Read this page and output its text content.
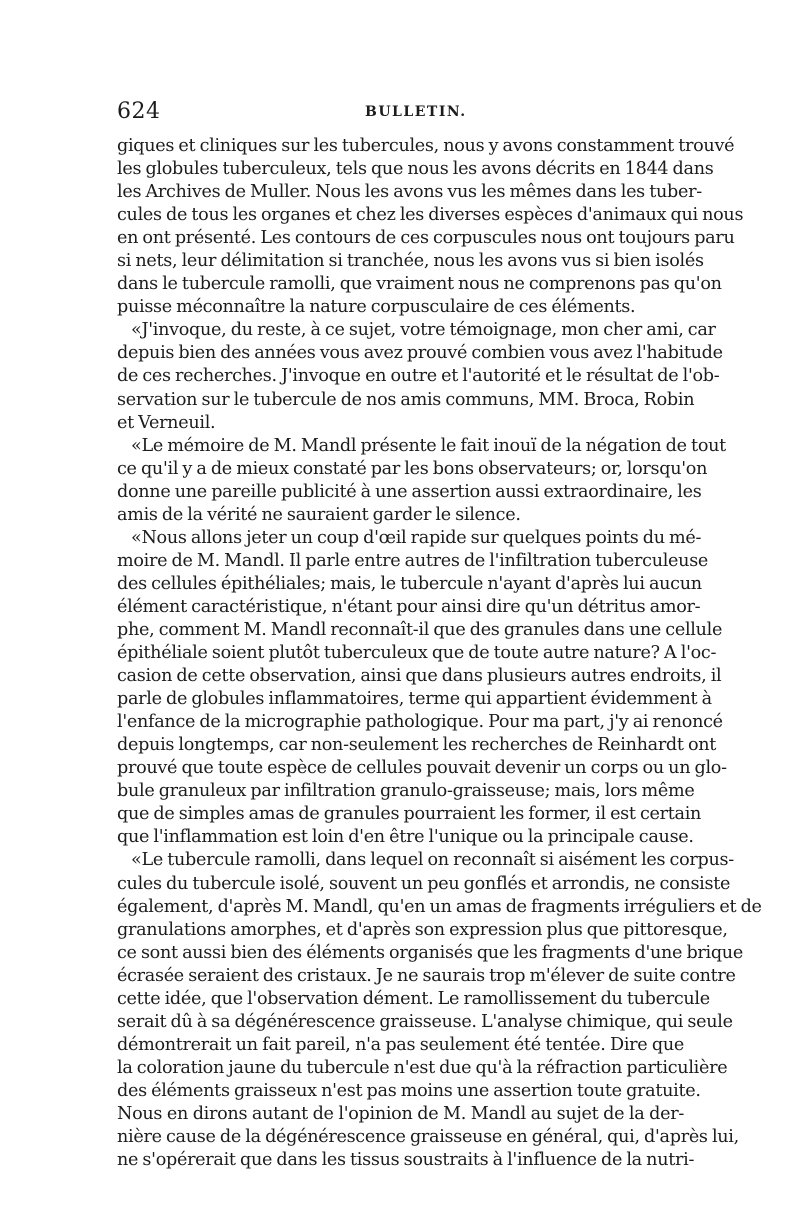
624	BULLETIN.
giques et cliniques sur les tubercules, nous y avons constamment trouvé
les globules tuberculeux, tels que nous les avons décrits en 1844 dans
les Archives de Muller. Nous les avons vus les mêmes dans les tuber-
cules de tous les organes et chez les diverses espèces d'animaux qui nous
en ont présenté. Les contours de ces corpuscules nous ont toujours paru
si nets, leur délimitation si tranchée, nous les avons vus si bien isolés
dans le tubercule ramolli, que vraiment nous ne comprenons pas qu'on
puisse méconnaître la nature corpusculaire de ces éléments.
«J'invoque, du reste, à ce sujet, votre témoignage, mon cher ami, car
depuis bien des années vous avez prouvé combien vous avez l'habitude
de ces recherches. J'invoque en outre et l'autorité et le résultat de l'ob-
servation sur le tubercule de nos amis communs, MM. Broca, Robin
et Verneuil.
«Le mémoire de M. Mandl présente le fait inouï de la négation de tout
ce qu'il y a de mieux constaté par les bons observateurs; or, lorsqu'on
donne une pareille publicité à une assertion aussi extraordinaire, les
amis de la vérité ne sauraient garder le silence.
«Nous allons jeter un coup d'œil rapide sur quelques points du mé-
moire de M. Mandl. Il parle entre autres de l'infiltration tuberculeuse
des cellules épithéliales; mais, le tubercule n'ayant d'après lui aucun
élément caractéristique, n'étant pour ainsi dire qu'un détritus amor-
phe, comment M. Mandl reconnaît-il que des granules dans une cellule
épithéliale soient plutôt tuberculeux que de toute autre nature? A l'oc-
casion de cette observation, ainsi que dans plusieurs autres endroits, il
parle de globules inflammatoires, terme qui appartient évidemment à
l'enfance de la micrographie pathologique. Pour ma part, j'y ai renoncé
depuis longtemps, car non-seulement les recherches de Reinhardt ont
prouvé que toute espèce de cellules pouvait devenir un corps ou un glo-
bule granuleux par infiltration granulo-graisseuse; mais, lors même
que de simples amas de granules pourraient les former, il est certain
que l'inflammation est loin d'en être l'unique ou la principale cause.
«Le tubercule ramolli, dans lequel on reconnaît si aisément les corpus-
cules du tubercule isolé, souvent un peu gonflés et arrondis, ne consiste
également, d'après M. Mandl, qu'en un amas de fragments irréguliers et de
granulations amorphes, et d'après son expression plus que pittoresque,
ce sont aussi bien des éléments organisés que les fragments d'une brique
écrasée seraient des cristaux. Je ne saurais trop m'élever de suite contre
cette idée, que l'observation dément. Le ramollissement du tubercule
serait dû à sa dégénérescence graisseuse. L'analyse chimique, qui seule
démontrerait un fait pareil, n'a pas seulement été tentée. Dire que
la coloration jaune du tubercule n'est due qu'à la réfraction particulière
des éléments graisseux n'est pas moins une assertion toute gratuite.
Nous en dirons autant de l'opinion de M. Mandl au sujet de la der-
nière cause de la dégénérescence graisseuse en général, qui, d'après lui,
ne s'opérerait que dans les tissus soustraits à l'influence de la nutri-
